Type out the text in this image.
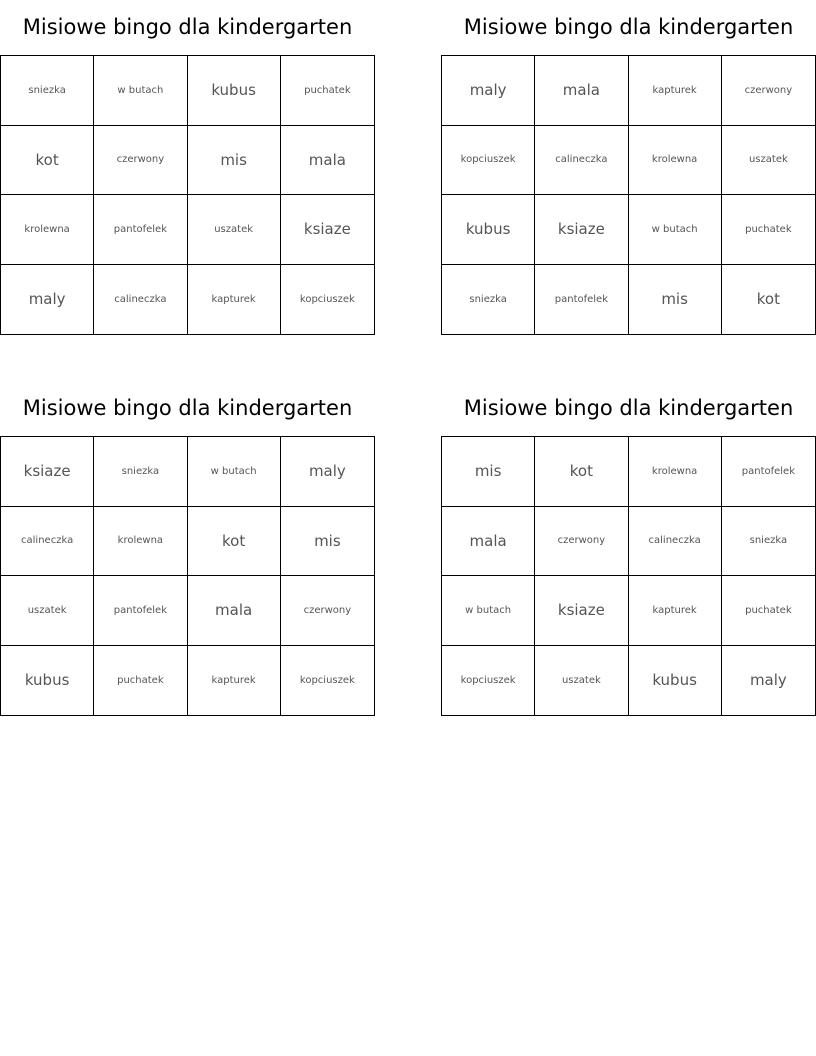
Misiowe bingo dla kindergarten
sniezka	w butach	kubus	puchatek
kot	czerwony	mis	mala
krolewna	pantofelek	uszatek	ksiaze
maly	calineczka	kapturek	kopciuszek
Misiowe bingo dla kindergarten
maly	mala	kapturek	czerwony
kopciuszek	calineczka	krolewna	uszatek
kubus	ksiaze	w butach	puchatek
sniezka	pantofelek	mis	kot
Misiowe bingo dla kindergarten
ksiaze	sniezka	w butach	maly
calineczka	krolewna	kot	mis
uszatek	pantofelek	mala	czerwony
kubus	puchatek	kapturek	kopciuszek
Misiowe bingo dla kindergarten
mis	kot	krolewna	pantofelek
mala	czerwony	calineczka	sniezka
w butach	ksiaze	kapturek	puchatek
kopciuszek	uszatek	kubus	maly
